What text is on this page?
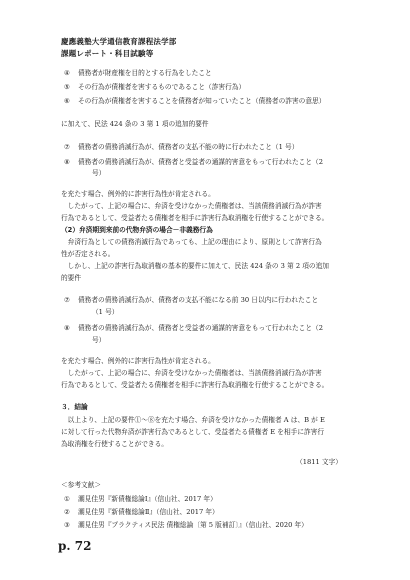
慶應義塾大学通信教育課程法学部
課題レポート・科目試験等
④ 債務者が財産権を目的とする行為をしたこと
⑤ その行為が債権者を害するものであること（詐害行為）
⑥ その行為が債権者を害することを債務者が知っていたこと（債務者の詐害の意思）
に加えて、民法 424 条の 3 第 1 項の追加的要件
⑦ 債務者の債務消滅行為が、債務者の支払不能の時に行われたこと（1 号）
⑧ 債務者の債務消滅行為が、債務者と受益者の通謀的害意をもって行われたこと（2
号）
を充たす場合、例外的に詐害行為性が肯定される。
　したがって、上記の場合に、弁済を受けなかった債権者は、当該債務消滅行為が詐害
行為であるとして、受益者たる債権者を相手に詐害行為取消権を行使することができる。
（2）弁済期到来前の代物弁済の場合－非義務行為
　弁済行為としての債務消滅行為であっても、上記の理由により、原則として詐害行為
性が否定される。
　しかし、上記の詐害行為取消権の基本的要件に加えて、民法 424 条の 3 第 2 項の追加
的要件
⑦ 債務者の債務消滅行為が、債務者の支払不能になる前 30 日以内に行われたこと
（1 号）
⑧ 債務者の債務消滅行為が、債務者と受益者の通謀的害意をもって行われたこと（2
号）
を充たす場合、例外的に詐害行為性が肯定される。
　したがって、上記の場合に、弁済を受けなかった債権者は、当該債務消滅行為が詐害
行為であるとして、受益者たる債権者を相手に詐害行為取消権を行使することができる。
３．結論
　以上より、上記の要件①～⑧を充たす場合、弁済を受けなかった債権者 A は、B が E
に対して行った代物弁済が詐害行為であるとして、受益者たる債権者 E を相手に詐害行
為取消権を行使することができる。
（1811 文字）
＜参考文献＞
① 潮見佳男『新債権総論Ⅰ』（信山社、2017 年）
② 潮見佳男『新債権総論Ⅱ』（信山社、2017 年）
③ 潮見佳男『プラクティス民法 債権総論〔第 5 版補訂〕』（信山社、2020 年）
p. 72
